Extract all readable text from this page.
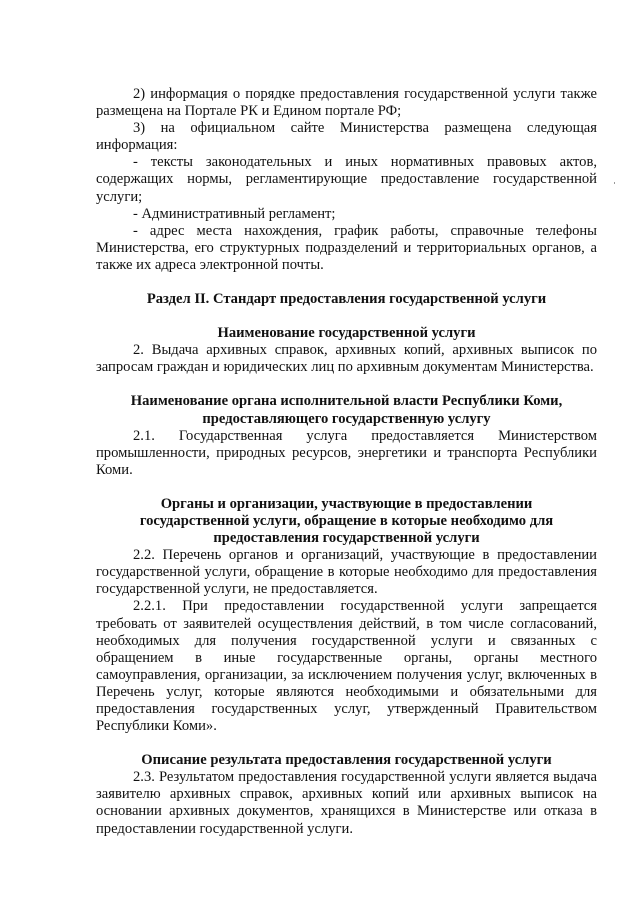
2) информация о порядке предоставления государственной услуги также размещена на Портале РК и Едином портале РФ;

3) на официальном сайте Министерства размещена следующая информация:

- тексты законодательных и иных нормативных правовых актов, содержащих нормы, регламентирующие предоставление государственной услуги;

- Административный регламент;

- адрес места нахождения, график работы, справочные телефоны Министерства, его структурных подразделений и территориальных органов, а также их адреса электронной почты.

Раздел II. Стандарт предоставления государственной услуги
Наименование государственной услуги

2. Выдача архивных справок, архивных копий, архивных выписок по запросам граждан и юридических лиц по архивным документам Министерства.

Наименование органа исполнительной власти Республики Коми,
предоставляющего государственную услугу

2.1. Государственная услуга предоставляется Министерством промышленности, природных ресурсов, энергетики и транспорта Республики Коми.

Органы и организации, участвующие в предоставлении
государственной услуги, обращение в которые необходимо для
предоставления государственной услуги

2.2. Перечень органов и организаций, участвующие в предоставлении государственной услуги, обращение в которые необходимо для предоставления государственной услуги, не предоставляется.

2.2.1. При предоставлении государственной услуги запрещается требовать от заявителей осуществления действий, в том числе согласований, необходимых для получения государственной услуги и связанных с обращением в иные государственные органы, органы местного самоуправления, организации, за исключением получения услуг, включенных в Перечень услуг, которые являются необходимыми и обязательными для предоставления государственных услуг, утвержденный Правительством Республики Коми».

Описание результата предоставления государственной услуги

2.3. Результатом предоставления государственной услуги является выдача заявителю архивных справок, архивных копий или архивных выписок на основании архивных документов, хранящихся в Министерстве или отказа в предоставлении государственной услуги.
